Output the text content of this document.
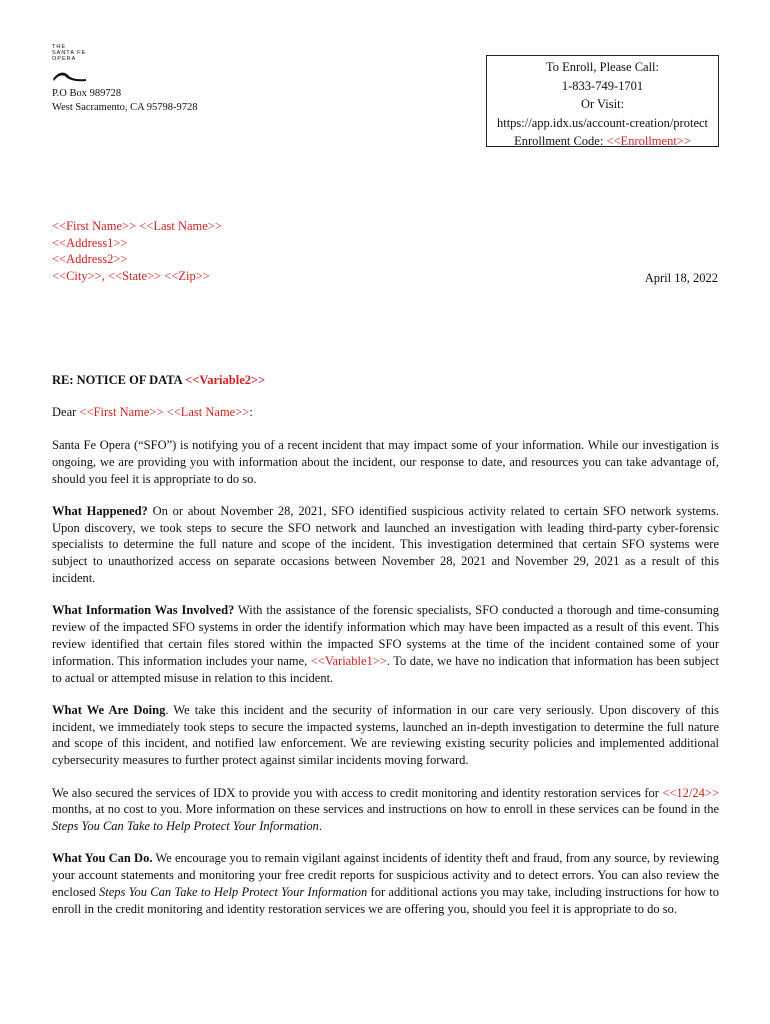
THE
SANTA FE
OPERA
P.O Box 989728
West Sacramento, CA 95798-9728
To Enroll, Please Call:
1-833-749-1701
Or Visit:
https://app.idx.us/account-creation/protect
Enrollment Code: <<Enrollment>>
<<First Name>> <<Last Name>>
<<Address1>>
<<Address2>>
<<City>>, <<State>> <<Zip>>	April 18, 2022
RE: NOTICE OF DATA <<Variable2>>
Dear <<First Name>> <<Last Name>>:

Santa Fe Opera (“SFO”) is notifying you of a recent incident that may impact some of your information. While our investigation is ongoing, we are providing you with information about the incident, our response to date, and resources you can take advantage of, should you feel it is appropriate to do so.

What Happened? On or about November 28, 2021, SFO identified suspicious activity related to certain SFO network systems. Upon discovery, we took steps to secure the SFO network and launched an investigation with leading third-party cyber-forensic specialists to determine the full nature and scope of the incident. This investigation determined that certain SFO systems were subject to unauthorized access on separate occasions between November 28, 2021 and November 29, 2021 as a result of this incident.

What Information Was Involved? With the assistance of the forensic specialists, SFO conducted a thorough and time-consuming review of the impacted SFO systems in order the identify information which may have been impacted as a result of this event. This review identified that certain files stored within the impacted SFO systems at the time of the incident contained some of your information. This information includes your name, <<Variable1>>. To date, we have no indication that information has been subject to actual or attempted misuse in relation to this incident.

What We Are Doing. We take this incident and the security of information in our care very seriously. Upon discovery of this incident, we immediately took steps to secure the impacted systems, launched an in-depth investigation to determine the full nature and scope of this incident, and notified law enforcement. We are reviewing existing security policies and implemented additional cybersecurity measures to further protect against similar incidents moving forward.

We also secured the services of IDX to provide you with access to credit monitoring and identity restoration services for <<12/24>> months, at no cost to you. More information on these services and instructions on how to enroll in these services can be found in the Steps You Can Take to Help Protect Your Information.

What You Can Do. We encourage you to remain vigilant against incidents of identity theft and fraud, from any source, by reviewing your account statements and monitoring your free credit reports for suspicious activity and to detect errors. You can also review the enclosed Steps You Can Take to Help Protect Your Information for additional actions you may take, including instructions for how to enroll in the credit monitoring and identity restoration services we are offering you, should you feel it is appropriate to do so.
